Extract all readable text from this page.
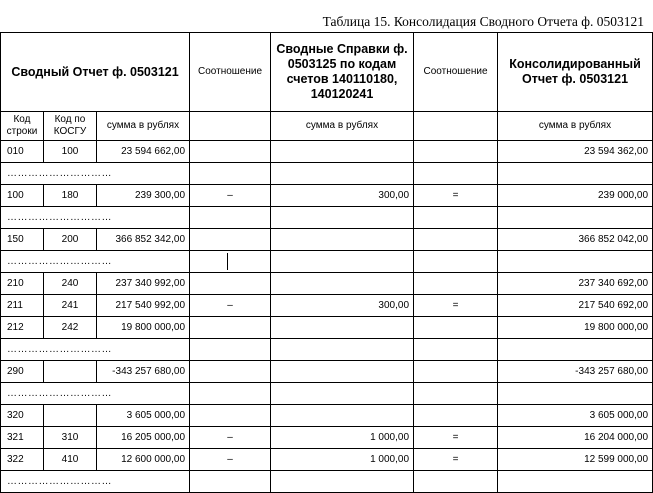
Таблица 15. Консолидация Сводного Отчета ф. 0503121
Сводный Отчет ф. 0503121			Соотношение	Сводные Справки ф. 0503125 по кодам счетов 140110180, 140120241	Соотношение	Консолидированный Отчет ф. 0503121
Код строки	Код по КОСГУ	сумма в рублях		сумма в рублях		сумма в рублях
010	100	23 594 662,00				23 594 362,00
…………………………						
100	180	239 300,00	–	300,00	=	239 000,00
…………………………						
150	200	366 852 342,00				366 852 042,00
…………………………						
210	240	237 340 992,00				237 340 692,00
211	241	217 540 992,00	–	300,00	=	217 540 692,00
212	242	19 800 000,00				19 800 000,00
…………………………						
290		-343 257 680,00				-343 257 680,00
…………………………						
320		3 605 000,00				3 605 000,00
321	310	16 205 000,00	–	1 000,00	=	16 204 000,00
322	410	12 600 000,00	–	1 000,00	=	12 599 000,00
…………………………						
